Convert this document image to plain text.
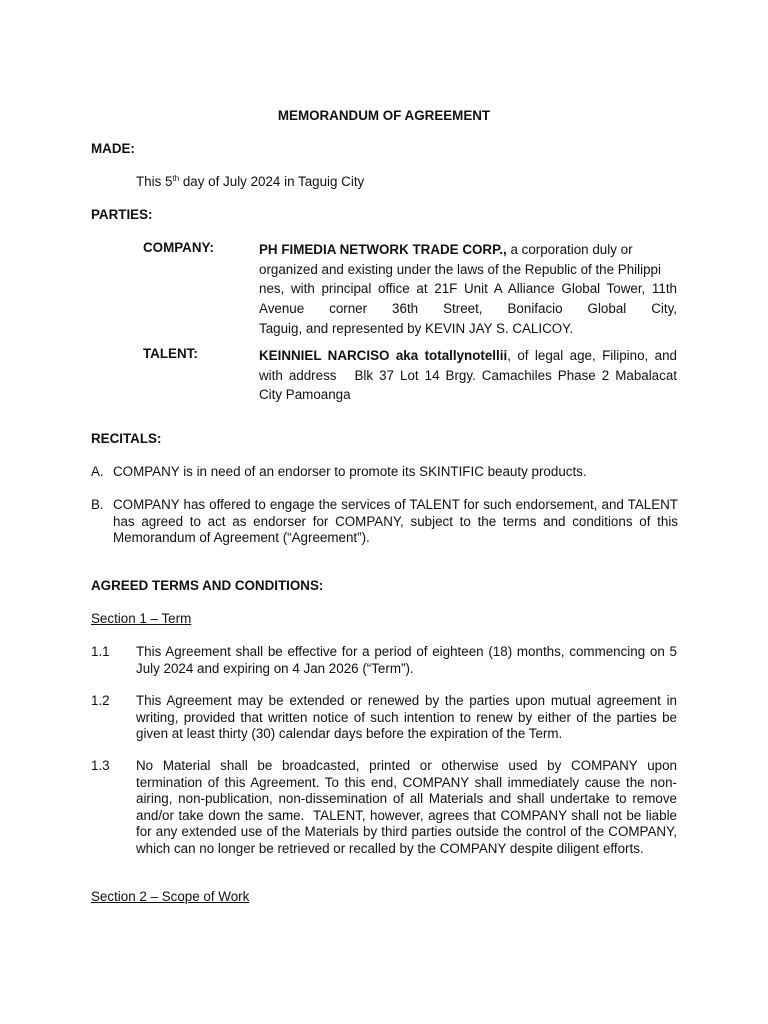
MEMORANDUM OF AGREEMENT
MADE:
This 5th day of July 2024 in Taguig City
PARTIES:
COMPANY:	PH FIMEDIA NETWORK TRADE CORP., a corporation duly or
organized and existing under the laws of the Republic of the Philippi
nes, with principal office at 21F Unit A Alliance Global Tower, 11th
Avenue corner 36th Street, Bonifacio Global City,
Taguig, and represented by KEVIN JAY S. CALICOY.
TALENT:	KEINNIEL NARCISO aka totallynotellii, of legal age, Filipino, and
with address   Blk 37 Lot 14 Brgy. Camachiles Phase 2 Mabalacat
City Pamoanga
RECITALS:
A. COMPANY is in need of an endorser to promote its SKINTIFIC beauty products.
B. COMPANY has offered to engage the services of TALENT for such endorsement, and TALENT has agreed to act as endorser for COMPANY, subject to the terms and conditions of this Memorandum of Agreement (“Agreement”).
AGREED TERMS AND CONDITIONS:
Section 1 – Term
1.1 This Agreement shall be effective for a period of eighteen (18) months, commencing on 5 July 2024 and expiring on 4 Jan 2026 (“Term”).
1.2 This Agreement may be extended or renewed by the parties upon mutual agreement in writing, provided that written notice of such intention to renew by either of the parties be given at least thirty (30) calendar days before the expiration of the Term.
1.3 No Material shall be broadcasted, printed or otherwise used by COMPANY upon termination of this Agreement. To this end, COMPANY shall immediately cause the non-airing, non-publication, non-dissemination of all Materials and shall undertake to remove and/or take down the same.  TALENT, however, agrees that COMPANY shall not be liable for any extended use of the Materials by third parties outside the control of the COMPANY, which can no longer be retrieved or recalled by the COMPANY despite diligent efforts.
Section 2 – Scope of Work
